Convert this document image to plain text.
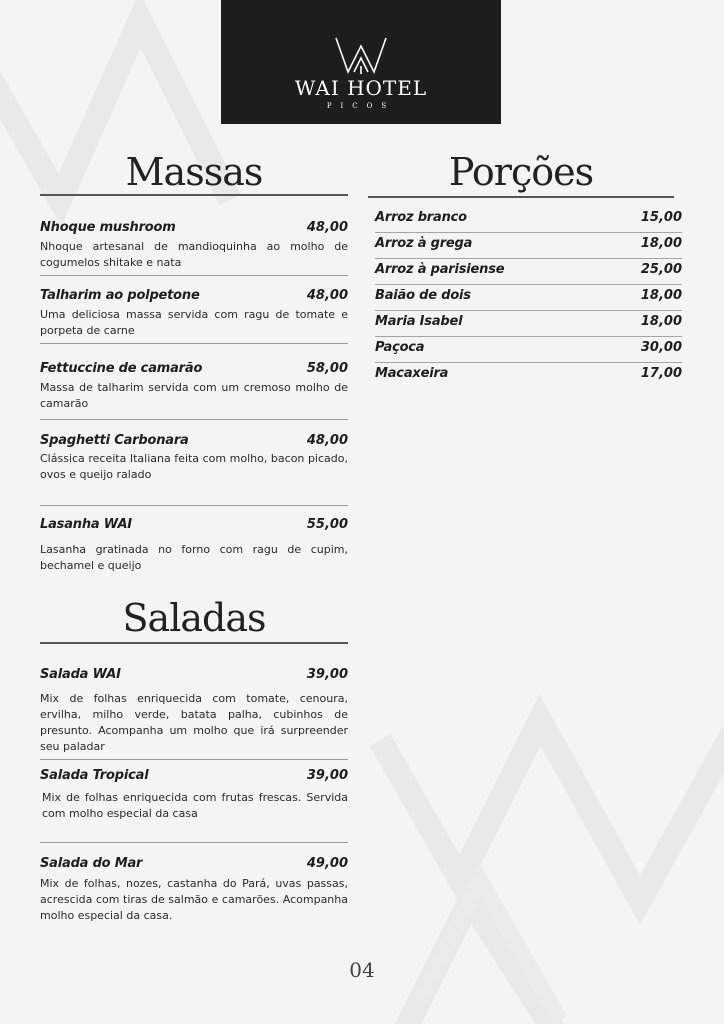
WAI HOTEL
PICOS
Massas
Nhoque mushroom	48,00
Nhoque artesanal de mandioquinha ao molho de cogumelos shitake e nata
Talharim ao polpetone	48,00
Uma deliciosa massa servida com ragu de tomate e porpeta de carne
Fettuccine de camarão	58,00
Massa de talharim servida com um cremoso molho de camarão
Spaghetti Carbonara	48,00
Clássica receita Italiana feita com molho, bacon picado, ovos e queijo ralado
Lasanha WAI	55,00
Lasanha gratinada no forno com ragu de cupim, bechamel e queijo
Saladas
Salada WAI	39,00
Mix de folhas enriquecida com tomate, cenoura, ervilha, milho verde, batata palha, cubinhos de presunto. Acompanha um molho que irá surpreender seu paladar
Salada Tropical	39,00
Mix de folhas enriquecida com frutas frescas. Servida com molho especial da casa
Salada do Mar	49,00
Mix de folhas, nozes, castanha do Pará, uvas passas, acrescida com tiras de salmão e camarões. Acompanha molho especial da casa.
Porções
Arroz branco	15,00
Arroz à grega	18,00
Arroz à parisiense	25,00
Baião de dois	18,00
Maria Isabel	18,00
Paçoca	30,00
Macaxeira	17,00
04
